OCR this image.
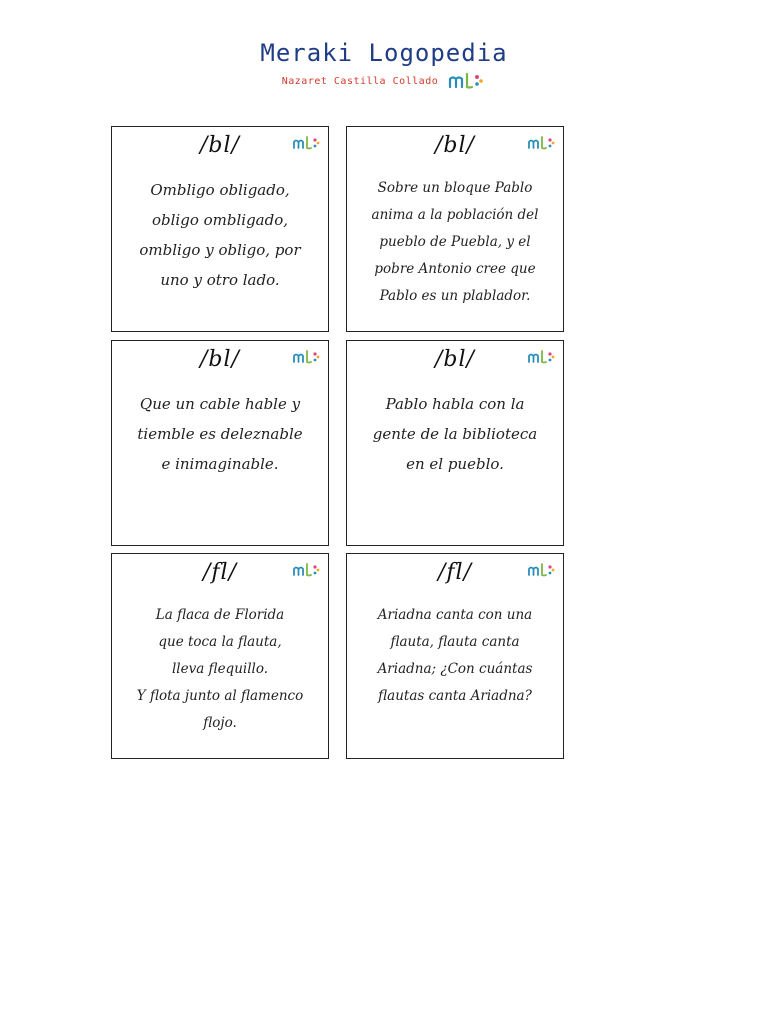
Meraki Logopedia
Nazaret Castilla Collado
/bl/
Ombligo obligado,
obligo ombligado,
ombligo y obligo, por
uno y otro lado.
/bl/
Sobre un bloque Pablo
anima a la población del
pueblo de Puebla, y el
pobre Antonio cree que
Pablo es un plablador.
/bl/
Que un cable hable y
tiemble es deleznable
e inimaginable.
/bl/
Pablo habla con la
gente de la biblioteca
en el pueblo.
/fl/
La flaca de Florida
que toca la flauta,
lleva flequillo.
Y flota junto al flamenco
flojo.
/fl/
Ariadna canta con una
flauta, flauta canta
Ariadna; ¿Con cuántas
flautas canta Ariadna?
